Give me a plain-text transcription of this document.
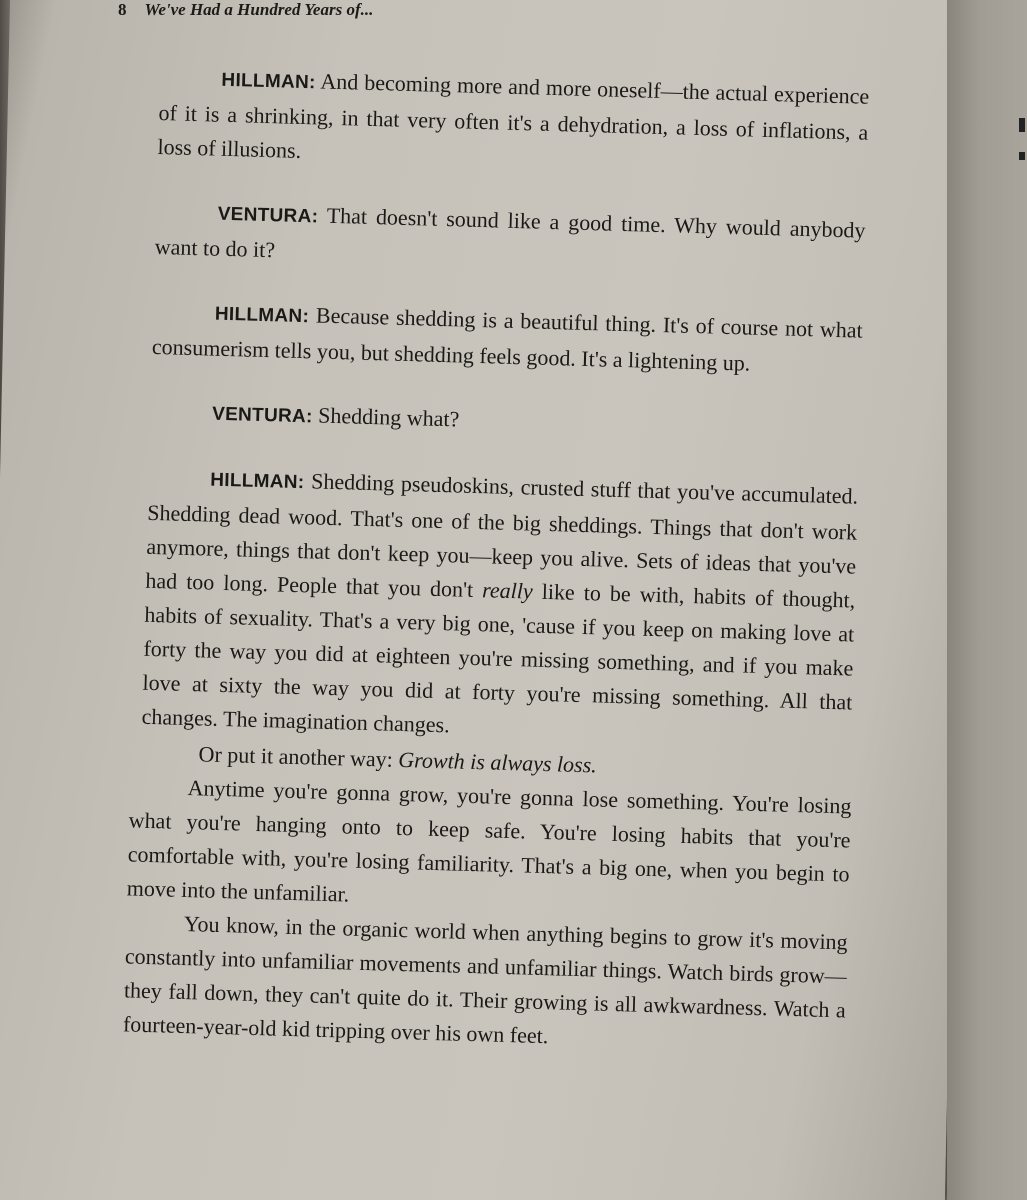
8 We've Had a Hundred Years of...

HILLMAN: And becoming more and more oneself—the actual experience of it is a shrinking, in that very often it's a dehydration, a loss of inflations, a loss of illusions.

VENTURA: That doesn't sound like a good time. Why would anybody want to do it?

HILLMAN: Because shedding is a beautiful thing. It's of course not what consumerism tells you, but shedding feels good. It's a lightening up.

VENTURA: Shedding what?

HILLMAN: Shedding pseudoskins, crusted stuff that you've accumulated. Shedding dead wood. That's one of the big sheddings. Things that don't work anymore, things that don't keep you—keep you alive. Sets of ideas that you've had too long. People that you don't really like to be with, habits of thought, habits of sexuality. That's a very big one, 'cause if you keep on making love at forty the way you did at eighteen you're missing something, and if you make love at sixty the way you did at forty you're missing something. All that changes. The imagination changes.

Or put it another way: Growth is always loss.

Anytime you're gonna grow, you're gonna lose something. You're losing what you're hanging onto to keep safe. You're losing habits that you're comfortable with, you're losing familiarity. That's a big one, when you begin to move into the unfamiliar.

You know, in the organic world when anything begins to grow it's moving constantly into unfamiliar movements and unfamiliar things. Watch birds grow—they fall down, they can't quite do it. Their growing is all awkwardness. Watch a fourteen-year-old kid tripping over his own feet.
